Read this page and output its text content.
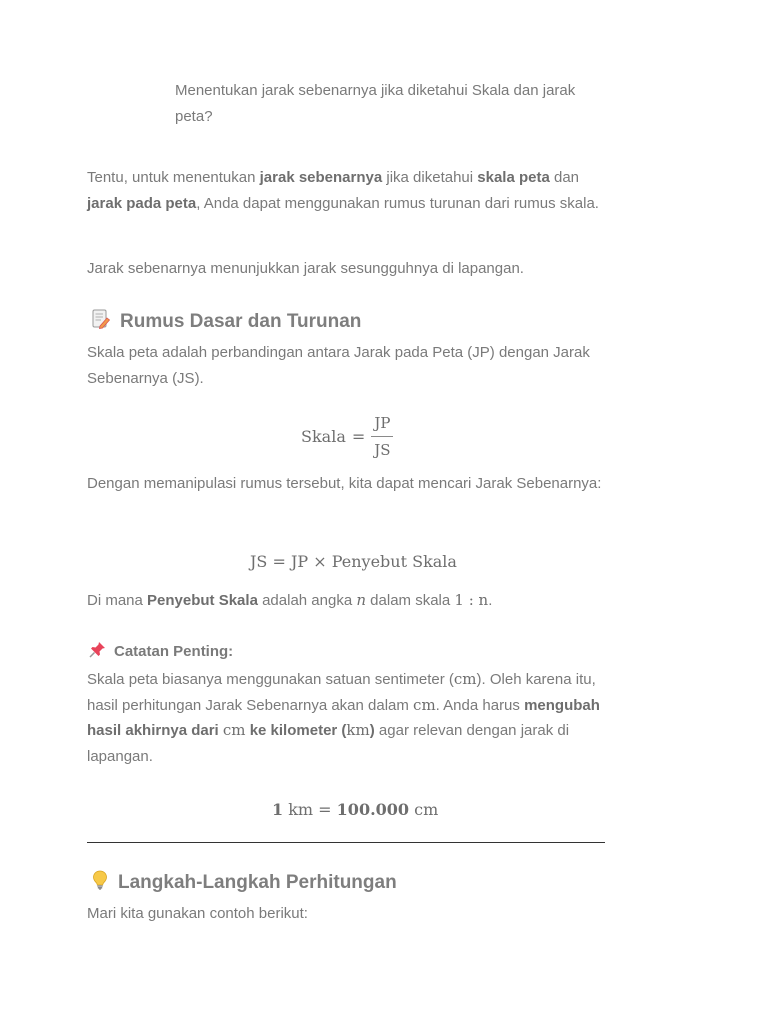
Menentukan jarak sebenarnya jika diketahui Skala dan jarak peta?

Tentu, untuk menentukan jarak sebenarnya jika diketahui skala peta dan jarak pada peta, Anda dapat menggunakan rumus turunan dari rumus skala.

Jarak sebenarnya menunjukkan jarak sesungguhnya di lapangan.

Rumus Dasar dan Turunan

Skala peta adalah perbandingan antara Jarak pada Peta (JP) dengan Jarak Sebenarnya (JS).

Skala = $\frac{JP}{JS}$

Dengan memanipulasi rumus tersebut, kita dapat mencari Jarak Sebenarnya:

JS = JP × Penyebut Skala

Di mana Penyebut Skala adalah angka n dalam skala 1 : n.

Catatan Penting:

Skala peta biasanya menggunakan satuan sentimeter (cm). Oleh karena itu, hasil perhitungan Jarak Sebenarnya akan dalam cm. Anda harus mengubah hasil akhirnya dari cm ke kilometer (km) agar relevan dengan jarak di lapangan.

1 km = 100.000 cm
Langkah-Langkah Perhitungan

Mari kita gunakan contoh berikut:
